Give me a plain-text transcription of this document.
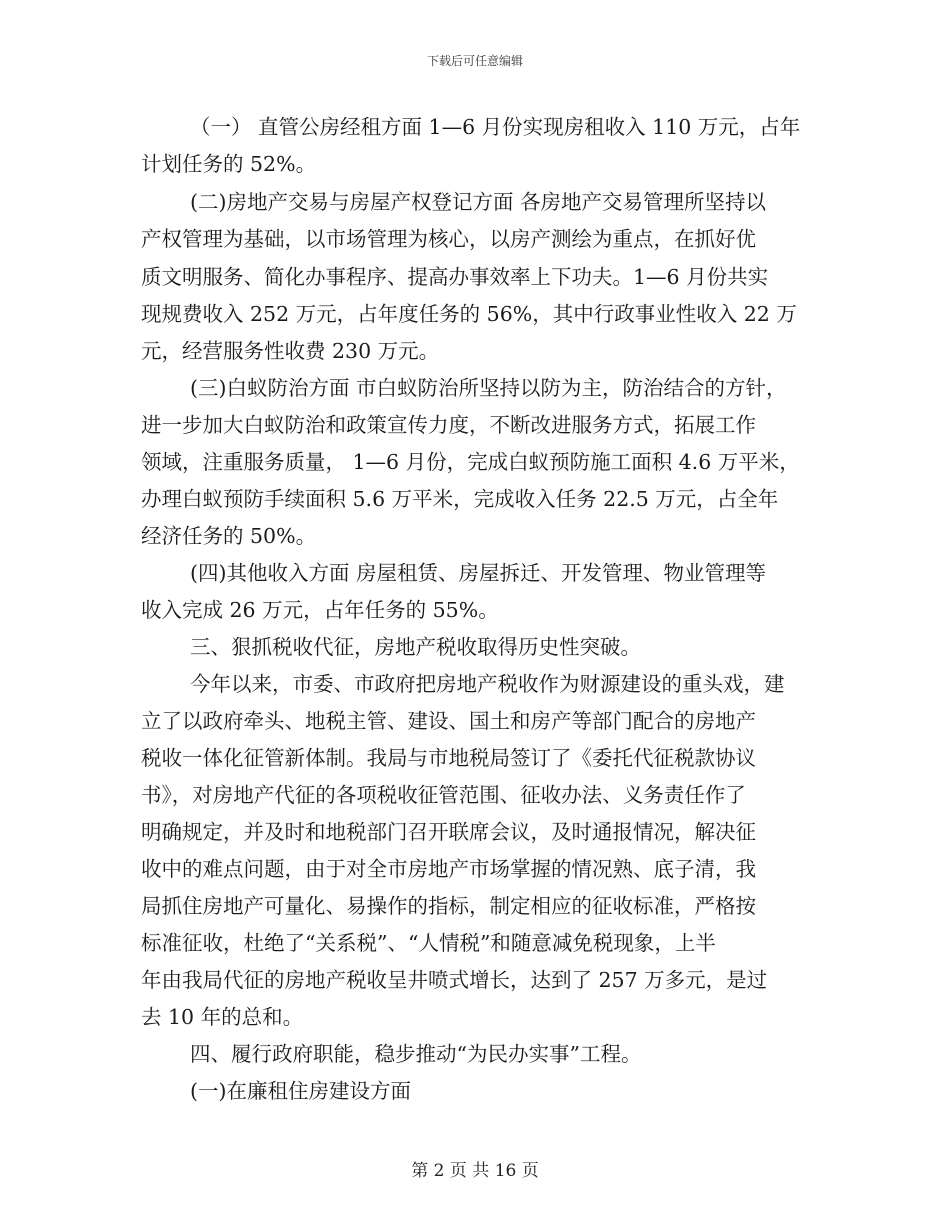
下载后可任意编辑
（一） 直管公房经租方面 1—6 月份实现房租收入 110 万元，占年
计划任务的 52%。
(二)房地产交易与房屋产权登记方面 各房地产交易管理所坚持以
产权管理为基础，以市场管理为核心，以房产测绘为重点，在抓好优
质文明服务、简化办事程序、提高办事效率上下功夫。1—6 月份共实
现规费收入 252 万元，占年度任务的 56%，其中行政事业性收入 22 万
元，经营服务性收费 230 万元。
(三)白蚁防治方面 市白蚁防治所坚持以防为主，防治结合的方针，
进一步加大白蚁防治和政策宣传力度，不断改进服务方式，拓展工作
领域，注重服务质量， 1—6 月份，完成白蚁预防施工面积 4.6 万平米，
办理白蚁预防手续面积 5.6 万平米，完成收入任务 22.5 万元，占全年
经济任务的 50%。
(四)其他收入方面 房屋租赁、房屋拆迁、开发管理、物业管理等
收入完成 26 万元，占年任务的 55%。
三、狠抓税收代征，房地产税收取得历史性突破。
今年以来，市委、市政府把房地产税收作为财源建设的重头戏，建
立了以政府牵头、地税主管、建设、国土和房产等部门配合的房地产
税收一体化征管新体制。我局与市地税局签订了《委托代征税款协议
书》，对房地产代征的各项税收征管范围、征收办法、义务责任作了
明确规定，并及时和地税部门召开联席会议，及时通报情况，解决征
收中的难点问题，由于对全市房地产市场掌握的情况熟、底子清，我
局抓住房地产可量化、易操作的指标，制定相应的征收标准，严格按
标准征收，杜绝了“关系税”、“人情税”和随意减免税现象，上半
年由我局代征的房地产税收呈井喷式增长，达到了 257 万多元，是过
去 10 年的总和。
四、履行政府职能，稳步推动“为民办实事”工程。
(一)在廉租住房建设方面
第 2 页 共 16 页
